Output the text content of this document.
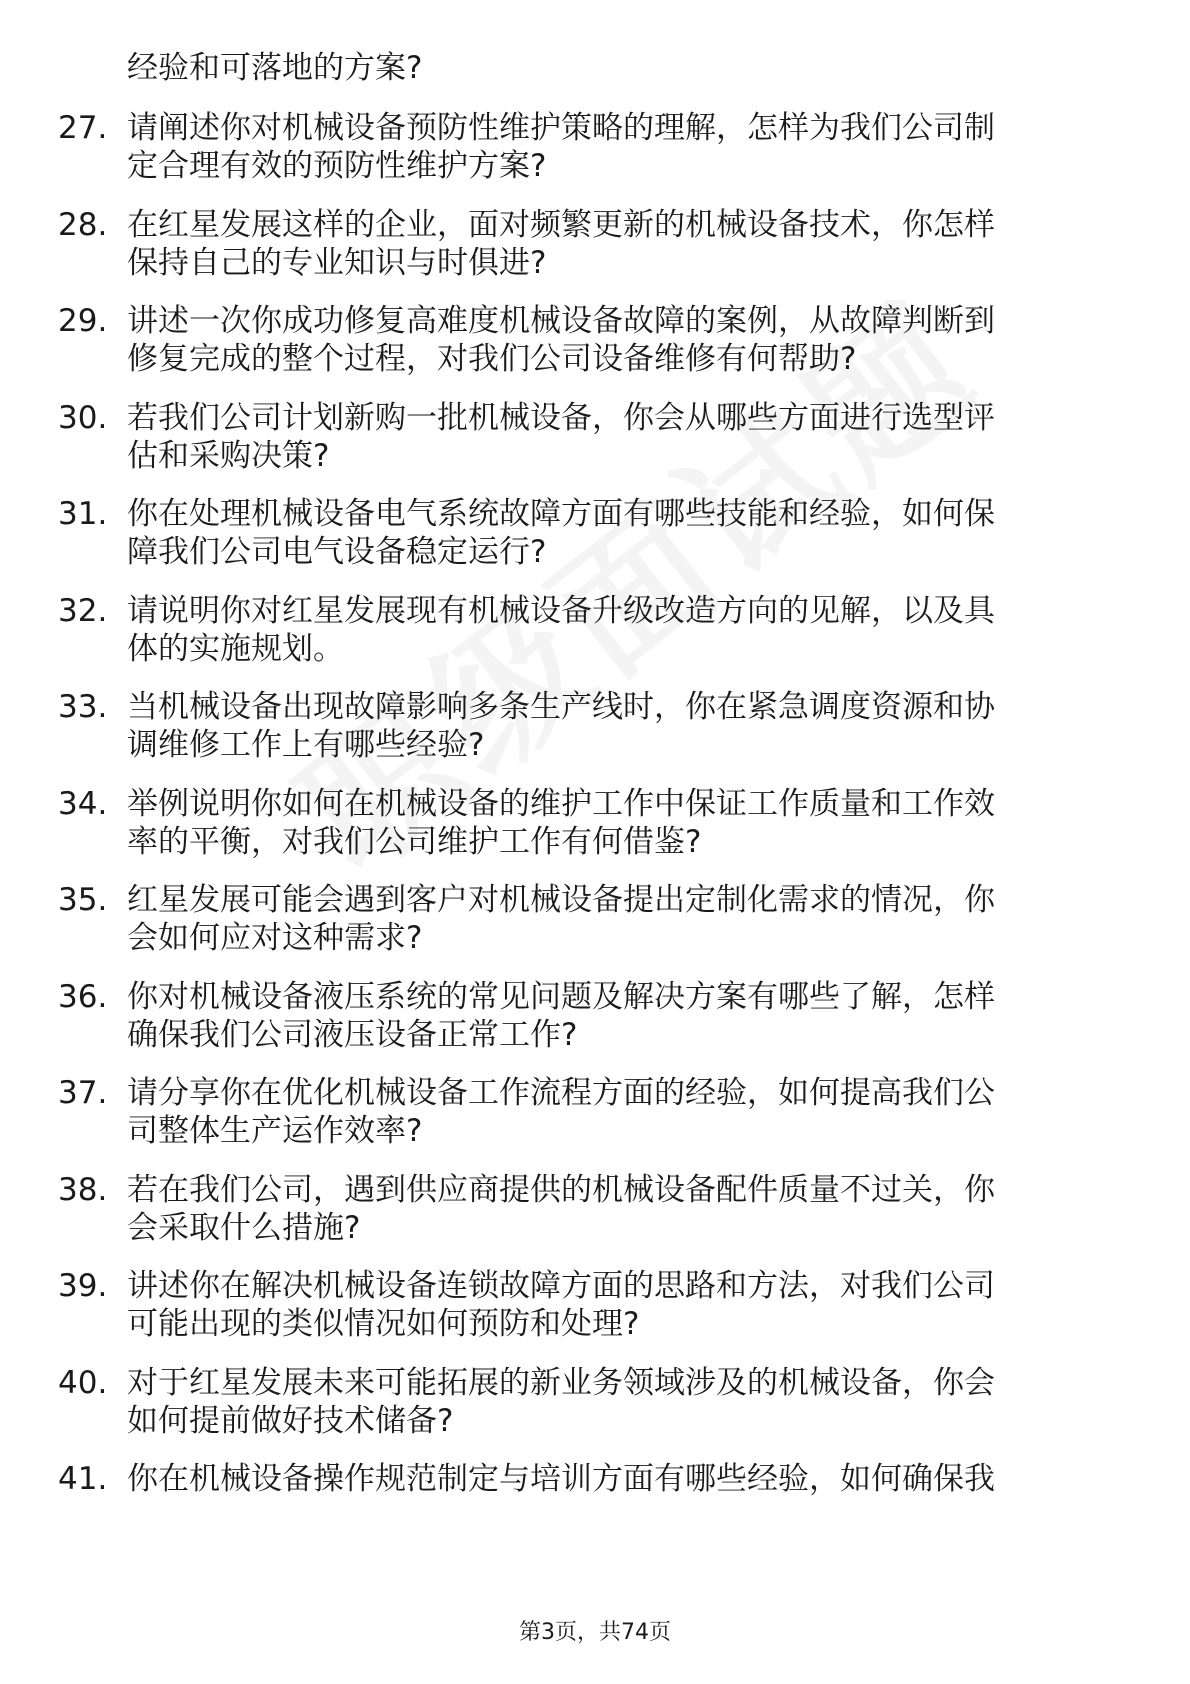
经验和可落地的方案?
27. 请阐述你对机械设备预防性维护策略的理解，怎样为我们公司制
定合理有效的预防性维护方案?
28. 在红星发展这样的企业，面对频繁更新的机械设备技术，你怎样
保持自己的专业知识与时俱进?
29. 讲述一次你成功修复高难度机械设备故障的案例，从故障判断到
修复完成的整个过程，对我们公司设备维修有何帮助?
30. 若我们公司计划新购一批机械设备，你会从哪些方面进行选型评
估和采购决策?
31. 你在处理机械设备电气系统故障方面有哪些技能和经验，如何保
障我们公司电气设备稳定运行?
32. 请说明你对红星发展现有机械设备升级改造方向的见解，以及具
体的实施规划。
33. 当机械设备出现故障影响多条生产线时，你在紧急调度资源和协
调维修工作上有哪些经验?
34. 举例说明你如何在机械设备的维护工作中保证工作质量和工作效
率的平衡，对我们公司维护工作有何借鉴?
35. 红星发展可能会遇到客户对机械设备提出定制化需求的情况，你
会如何应对这种需求?
36. 你对机械设备液压系统的常见问题及解决方案有哪些了解，怎样
确保我们公司液压设备正常工作?
37. 请分享你在优化机械设备工作流程方面的经验，如何提高我们公
司整体生产运作效率?
38. 若在我们公司，遇到供应商提供的机械设备配件质量不过关，你
会采取什么措施?
39. 讲述你在解决机械设备连锁故障方面的思路和方法，对我们公司
可能出现的类似情况如何预防和处理?
40. 对于红星发展未来可能拓展的新业务领域涉及的机械设备，你会
如何提前做好技术储备?
41. 你在机械设备操作规范制定与培训方面有哪些经验，如何确保我
第3页，共74页
